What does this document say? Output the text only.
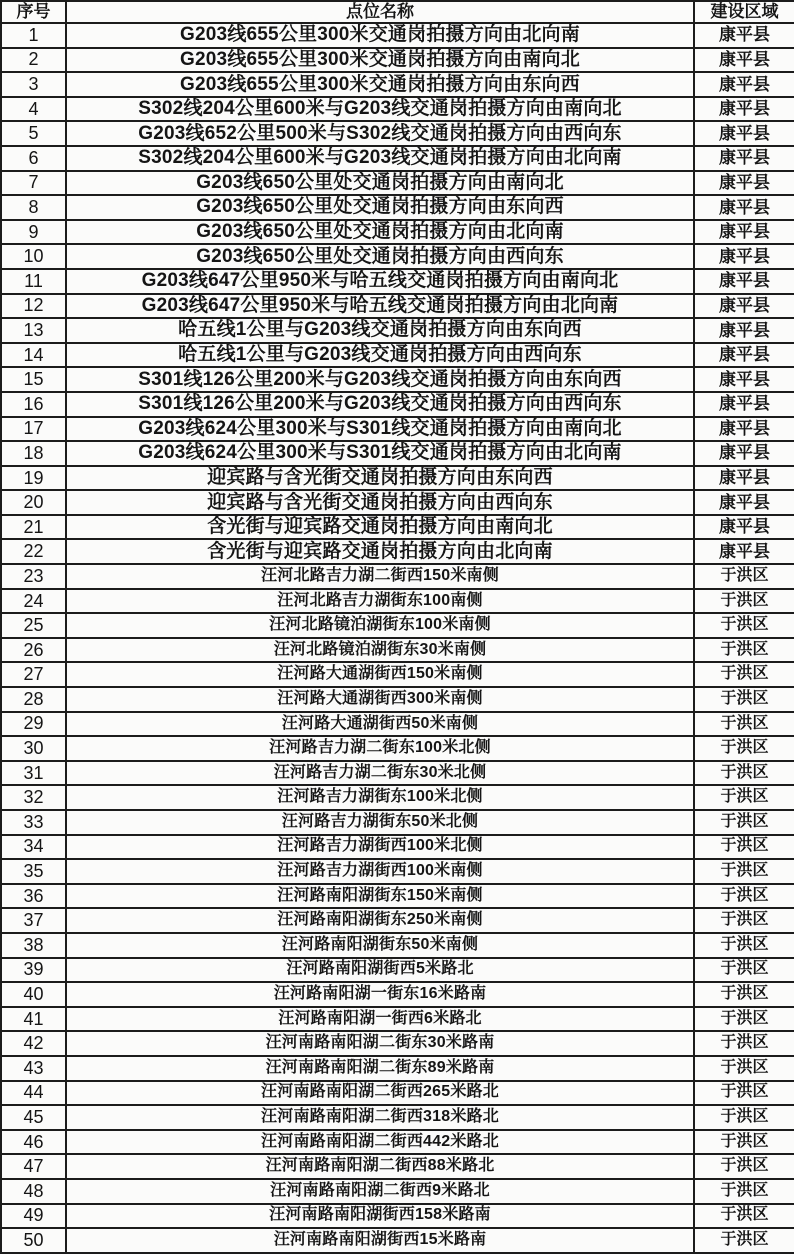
序号	点位名称	建设区域
1	G203线655公里300米交通岗拍摄方向由北向南	康平县
2	G203线655公里300米交通岗拍摄方向由南向北	康平县
3	G203线655公里300米交通岗拍摄方向由东向西	康平县
4	S302线204公里600米与G203线交通岗拍摄方向由南向北	康平县
5	G203线652公里500米与S302线交通岗拍摄方向由西向东	康平县
6	S302线204公里600米与G203线交通岗拍摄方向由北向南	康平县
7	G203线650公里处交通岗拍摄方向由南向北	康平县
8	G203线650公里处交通岗拍摄方向由东向西	康平县
9	G203线650公里处交通岗拍摄方向由北向南	康平县
10	G203线650公里处交通岗拍摄方向由西向东	康平县
11	G203线647公里950米与哈五线交通岗拍摄方向由南向北	康平县
12	G203线647公里950米与哈五线交通岗拍摄方向由北向南	康平县
13	哈五线1公里与G203线交通岗拍摄方向由东向西	康平县
14	哈五线1公里与G203线交通岗拍摄方向由西向东	康平县
15	S301线126公里200米与G203线交通岗拍摄方向由东向西	康平县
16	S301线126公里200米与G203线交通岗拍摄方向由西向东	康平县
17	G203线624公里300米与S301线交通岗拍摄方向由南向北	康平县
18	G203线624公里300米与S301线交通岗拍摄方向由北向南	康平县
19	迎宾路与含光街交通岗拍摄方向由东向西	康平县
20	迎宾路与含光街交通岗拍摄方向由西向东	康平县
21	含光街与迎宾路交通岗拍摄方向由南向北	康平县
22	含光街与迎宾路交通岗拍摄方向由北向南	康平县
23	汪河北路吉力湖二街西150米南侧	于洪区
24	汪河北路吉力湖街东100南侧	于洪区
25	汪河北路镜泊湖街东100米南侧	于洪区
26	汪河北路镜泊湖街东30米南侧	于洪区
27	汪河路大通湖街西150米南侧	于洪区
28	汪河路大通湖街西300米南侧	于洪区
29	汪河路大通湖街西50米南侧	于洪区
30	汪河路吉力湖二街东100米北侧	于洪区
31	汪河路吉力湖二街东30米北侧	于洪区
32	汪河路吉力湖街东100米北侧	于洪区
33	汪河路吉力湖街东50米北侧	于洪区
34	汪河路吉力湖街西100米北侧	于洪区
35	汪河路吉力湖街西100米南侧	于洪区
36	汪河路南阳湖街东150米南侧	于洪区
37	汪河路南阳湖街东250米南侧	于洪区
38	汪河路南阳湖街东50米南侧	于洪区
39	汪河路南阳湖街西5米路北	于洪区
40	汪河路南阳湖一街东16米路南	于洪区
41	汪河路南阳湖一街西6米路北	于洪区
42	汪河南路南阳湖二街东30米路南	于洪区
43	汪河南路南阳湖二街东89米路南	于洪区
44	汪河南路南阳湖二街西265米路北	于洪区
45	汪河南路南阳湖二街西318米路北	于洪区
46	汪河南路南阳湖二街西442米路北	于洪区
47	汪河南路南阳湖二街西88米路北	于洪区
48	汪河南路南阳湖二街西9米路北	于洪区
49	汪河南路南阳湖街西158米路南	于洪区
50	汪河南路南阳湖街西15米路南	于洪区
